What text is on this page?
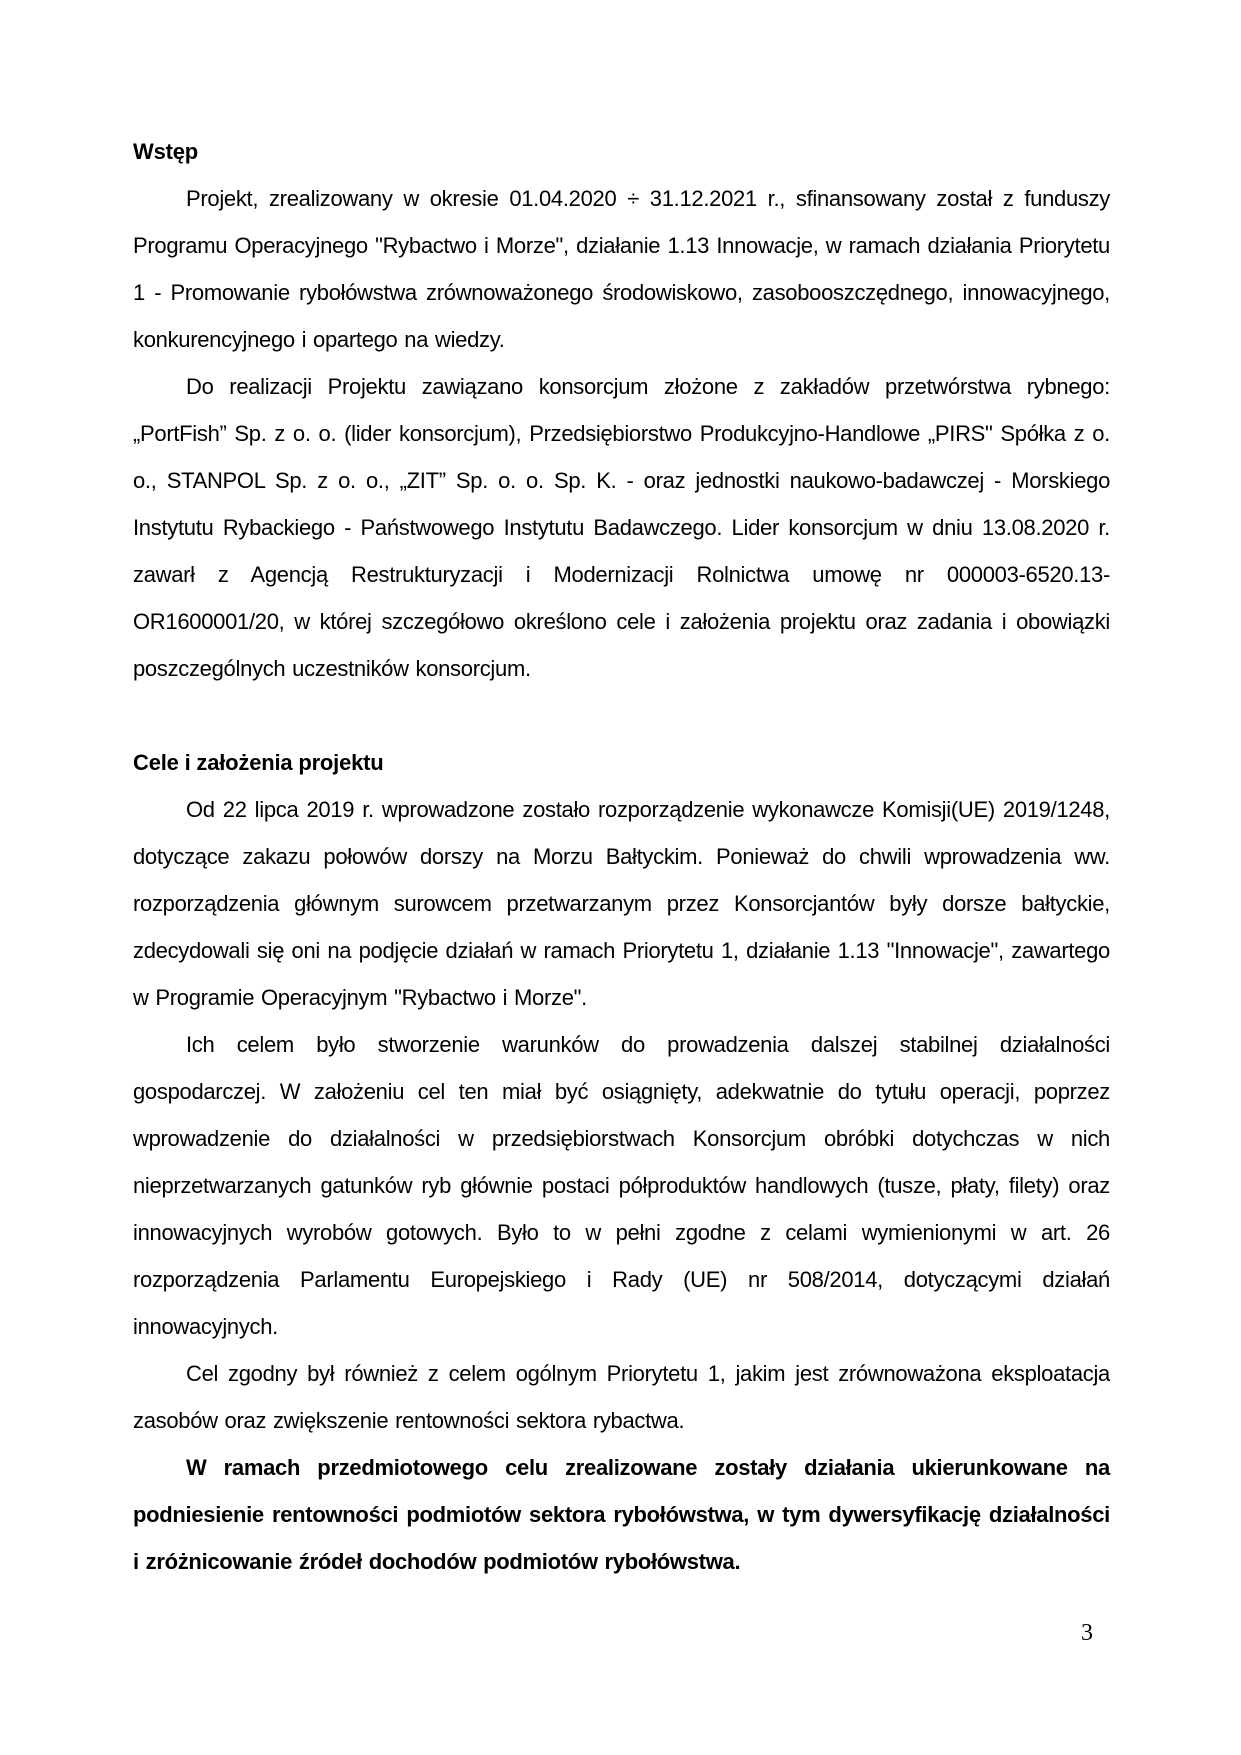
Wstęp

Projekt, zrealizowany w okresie 01.04.2020 ÷ 31.12.2021 r., sfinansowany został z funduszy Programu Operacyjnego "Rybactwo i Morze", działanie 1.13 Innowacje, w ramach działania Priorytetu 1 - Promowanie rybołówstwa zrównoważonego środowiskowo, zasobooszczędnego, innowacyjnego, konkurencyjnego i opartego na wiedzy.

Do realizacji Projektu zawiązano konsorcjum złożone z zakładów przetwórstwa rybnego: „PortFish” Sp. z o. o. (lider konsorcjum), Przedsiębiorstwo Produkcyjno-Handlowe „PIRS" Spółka z o. o., STANPOL Sp. z o. o., „ZIT” Sp. o. o. Sp. K. - oraz jednostki naukowo-badawczej - Morskiego Instytutu Rybackiego - Państwowego Instytutu Badawczego. Lider konsorcjum w dniu 13.08.2020 r. zawarł z Agencją Restrukturyzacji i Modernizacji Rolnictwa umowę nr 000003-6520.13-OR1600001/20, w której szczegółowo określono cele i założenia projektu oraz zadania i obowiązki poszczególnych uczestników konsorcjum.

Cele i założenia projektu

Od 22 lipca 2019 r. wprowadzone zostało rozporządzenie wykonawcze Komisji(UE) 2019/1248, dotyczące zakazu połowów dorszy na Morzu Bałtyckim. Ponieważ do chwili wprowadzenia ww. rozporządzenia głównym surowcem przetwarzanym przez Konsorcjantów były dorsze bałtyckie, zdecydowali się oni na podjęcie działań w ramach Priorytetu 1, działanie 1.13 "Innowacje", zawartego w Programie Operacyjnym "Rybactwo i Morze".

Ich celem było stworzenie warunków do prowadzenia dalszej stabilnej działalności gospodarczej. W założeniu cel ten miał być osiągnięty, adekwatnie do tytułu operacji, poprzez wprowadzenie do działalności w przedsiębiorstwach Konsorcjum obróbki dotychczas w nich nieprzetwarzanych gatunków ryb głównie postaci półproduktów handlowych (tusze, płaty, filety) oraz innowacyjnych wyrobów gotowych. Było to w pełni zgodne z celami wymienionymi w art. 26 rozporządzenia Parlamentu Europejskiego i Rady (UE) nr 508/2014, dotyczącymi działań innowacyjnych.

Cel zgodny był również z celem ogólnym Priorytetu 1, jakim jest zrównoważona eksploatacja zasobów oraz zwiększenie rentowności sektora rybactwa.

W ramach przedmiotowego celu zrealizowane zostały działania ukierunkowane na podniesienie rentowności podmiotów sektora rybołówstwa, w tym dywersyfikację działalności i zróżnicowanie źródeł dochodów podmiotów rybołówstwa.

3
